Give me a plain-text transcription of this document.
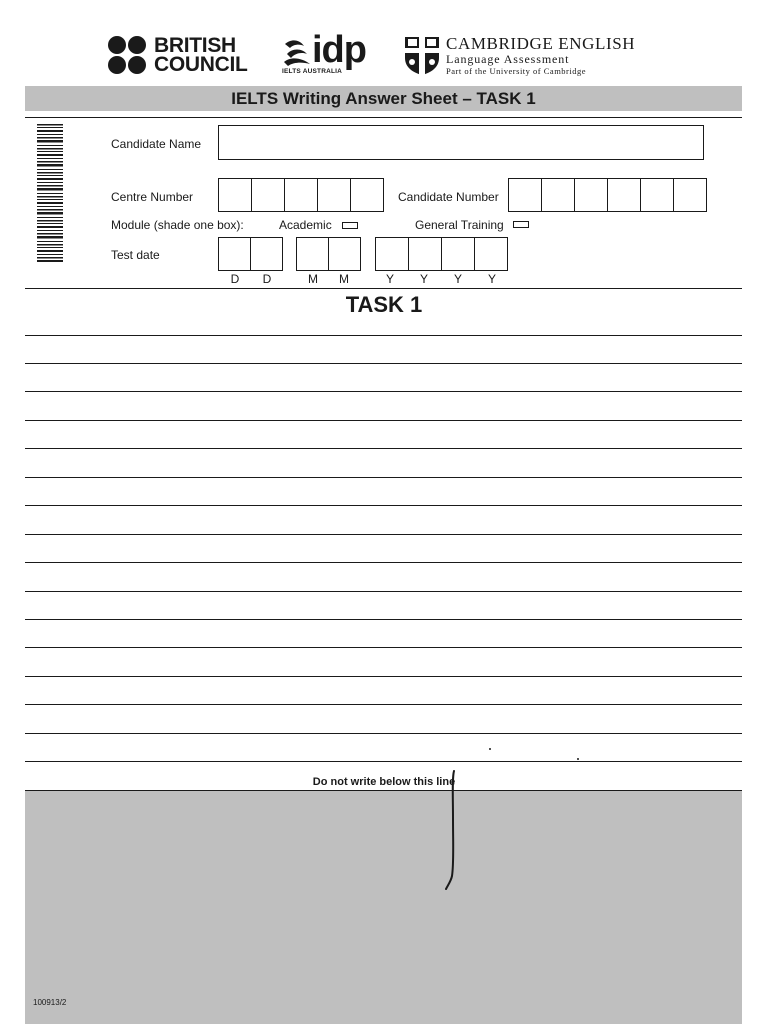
BRITISH
COUNCIL idp
IELTS AUSTRALIA
CAMBRIDGE ENGLISH
Language Assessment
Part of the University of Cambridge
IELTS Writing Answer Sheet – TASK 1
Candidate Name
Centre Number	Candidate Number
Module (shade one box):	Academic	General Training
Test date
D	D	M M	Y	Y	Y	Y
TASK 1
Do not write below this line
100913/2
